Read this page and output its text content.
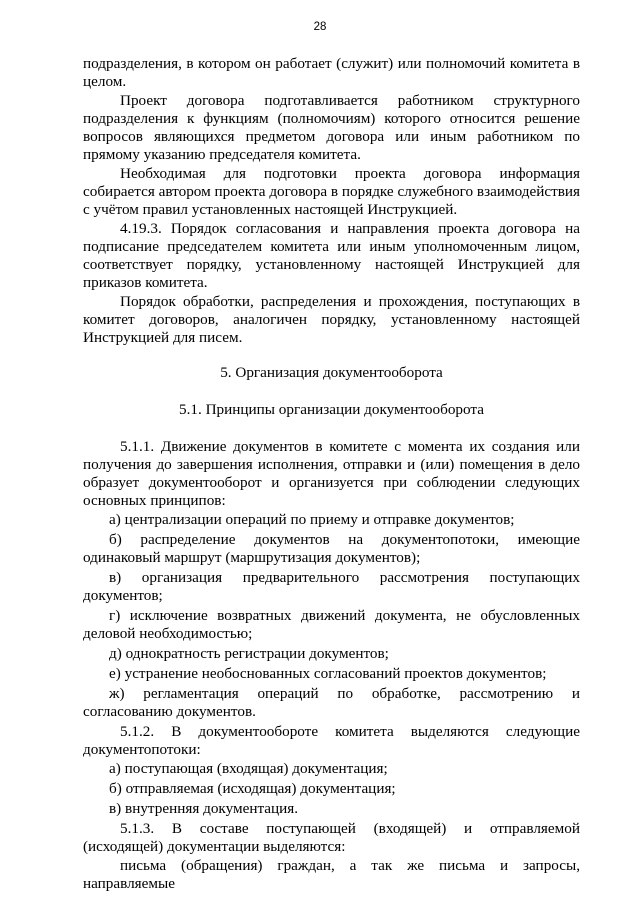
28

подразделения, в котором он работает (служит) или полномочий комитета в целом.

Проект договора подготавливается работником структурного подразделения к функциям (полномочиям) которого относится решение вопросов являющихся предметом договора или иным работником по прямому указанию председателя комитета.

Необходимая для подготовки проекта договора информация собирается автором проекта договора в порядке служебного взаимодействия с учётом правил установленных настоящей Инструкцией.

4.19.3. Порядок согласования и направления проекта договора на подписание председателем комитета или иным уполномоченным лицом, соответствует порядку, установленному настоящей Инструкцией для приказов комитета.

Порядок обработки, распределения и прохождения, поступающих в комитет договоров, аналогичен порядку, установленному настоящей Инструкцией для писем.

5. Организация документооборота
5.1. Принципы организации документооборота

5.1.1. Движение документов в комитете с момента их создания или получения до завершения исполнения, отправки и (или) помещения в дело образует документооборот и организуется при соблюдении следующих основных принципов:

а) централизации операций по приему и отправке документов;

б) распределение документов на документопотоки, имеющие одинаковый маршрут (маршрутизация документов);

в) организация предварительного рассмотрения поступающих документов;

г) исключение возвратных движений документа, не обусловленных деловой необходимостью;

д) однократность регистрации документов;

е) устранение необоснованных согласований проектов документов;

ж) регламентация операций по обработке, рассмотрению и согласованию документов.

5.1.2. В документообороте комитета выделяются следующие документопотоки:

а) поступающая (входящая) документация;

б) отправляемая (исходящая) документация;

в) внутренняя документация.

5.1.3. В составе поступающей (входящей) и отправляемой (исходящей) документации выделяются:

письма (обращения) граждан, а так же письма и запросы, направляемые
